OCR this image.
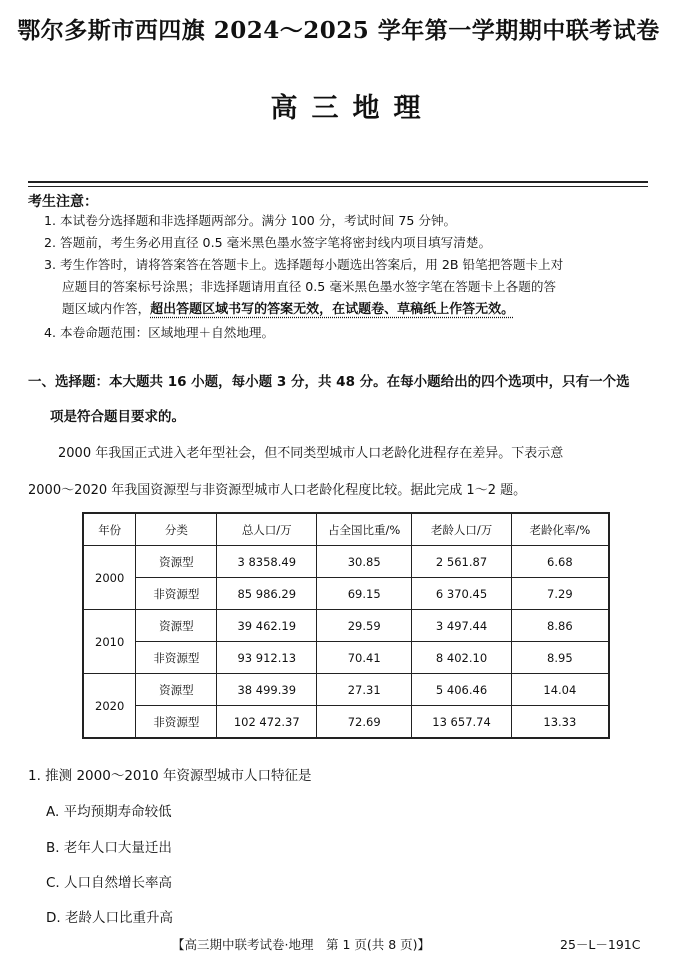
鄂尔多斯市西四旗 2024～2025 学年第一学期期中联考试卷
高三地理
考生注意：
1. 本试卷分选择题和非选择题两部分。满分 100 分，考试时间 75 分钟。
2. 答题前，考生务必用直径 0.5 毫米黑色墨水签字笔将密封线内项目填写清楚。
3. 考生作答时，请将答案答在答题卡上。选择题每小题选出答案后，用 2B 铅笔把答题卡上对
应题目的答案标号涂黑；非选择题请用直径 0.5 毫米黑色墨水签字笔在答题卡上各题的答
题区域内作答，超出答题区域书写的答案无效，在试题卷、草稿纸上作答无效。
4. 本卷命题范围：区域地理＋自然地理。
一、选择题：本大题共 16 小题，每小题 3 分，共 48 分。在每小题给出的四个选项中，只有一个选
项是符合题目要求的。
2000 年我国正式进入老年型社会，但不同类型城市人口老龄化进程存在差异。下表示意
2000～2020 年我国资源型与非资源型城市人口老龄化程度比较。据此完成 1～2 题。
年份	分类	总人口/万	占全国比重/%	老龄人口/万	老龄化率/%
2000	资源型	3 8358.49	30.85	2 561.87	6.68
	非资源型	85 986.29	69.15	6 370.45	7.29
2010	资源型	39 462.19	29.59	3 497.44	8.86
	非资源型	93 912.13	70.41	8 402.10	8.95
2020	资源型	38 499.39	27.31	5 406.46	14.04
	非资源型	102 472.37	72.69	13 657.74	13.33
1. 推测 2000～2010 年资源型城市人口特征是
A. 平均预期寿命较低
B. 老年人口大量迁出
C. 人口自然增长率高
D. 老龄人口比重升高
【高三期中联考试卷·地理　第 1 页(共 8 页)】	25－L－191C
